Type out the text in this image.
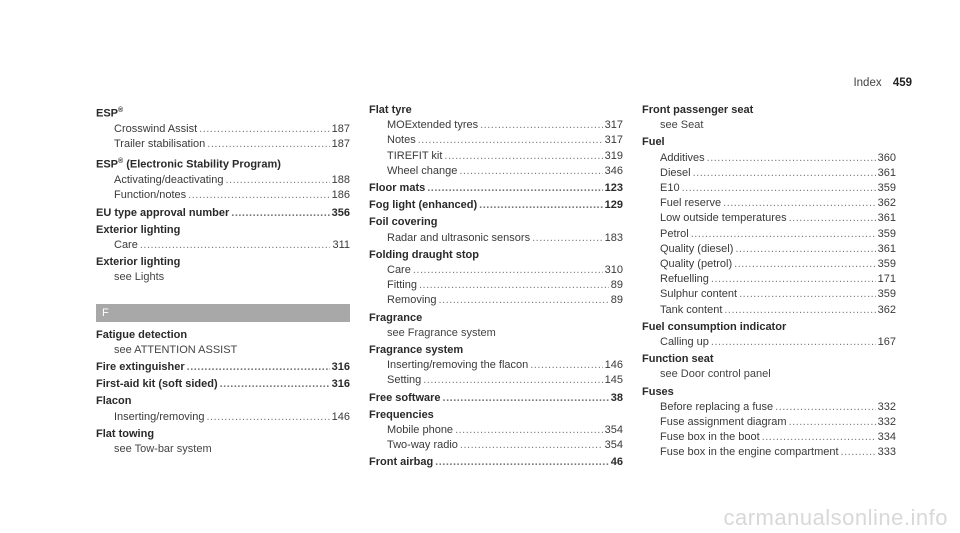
Index 459
ESP®
Crosswind Assist .....	187
Trailer stabilisation .....	187
ESP® (Electronic Stability Program)
Activating/deactivating .....	188
Function/notes .....	186
EU type approval number .....	356
Exterior lighting
Care .....	311
Exterior lighting
see Lights
F
Fatigue detection
see ATTENTION ASSIST
Fire extinguisher .....	316
First-aid kit (soft sided) .....	316
Flacon
Inserting/removing .....	146
Flat towing
see Tow-bar system
Flat tyre
MOExtended tyres .....	317
Notes .....	317
TIREFIT kit .....	319
Wheel change .....	346
Floor mats .....	123
Fog light (enhanced) .....	129
Foil covering
Radar and ultrasonic sensors .....	183
Folding draught stop
Care .....	310
Fitting .....	89
Removing .....	89
Fragrance
see Fragrance system
Fragrance system
Inserting/removing the flacon .....	146
Setting .....	145
Free software .....	38
Frequencies
Mobile phone .....	354
Two-way radio .....	354
Front airbag .....	46
Front passenger seat
see Seat
Fuel
Additives .....	360
Diesel .....	361
E10 .....	359
Fuel reserve .....	362
Low outside temperatures .....	361
Petrol .....	359
Quality (diesel) .....	361
Quality (petrol) .....	359
Refuelling .....	171
Sulphur content .....	359
Tank content .....	362
Fuel consumption indicator
Calling up .....	167
Function seat
see Door control panel
Fuses
Before replacing a fuse .....	332
Fuse assignment diagram .....	332
Fuse box in the boot .....	334
Fuse box in the engine compartment .....	333
carmanualsonline.info
